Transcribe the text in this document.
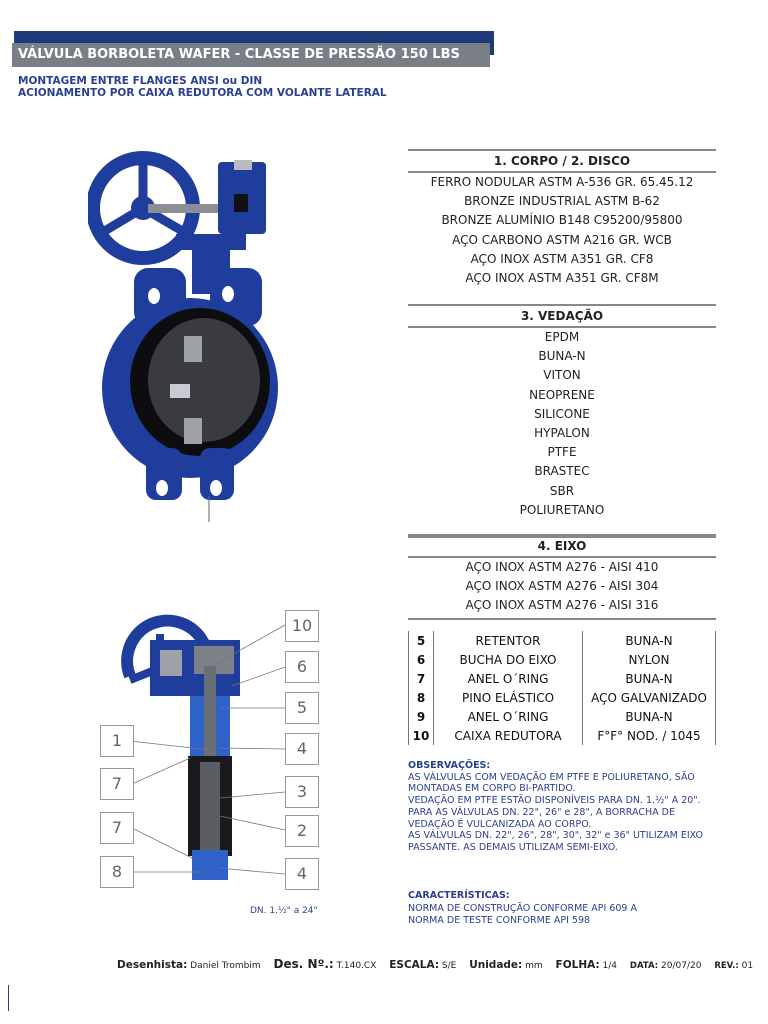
VÁLVULA BORBOLETA WAFER - CLASSE DE PRESSÃO 150 LBS
MONTAGEM ENTRE FLANGES ANSI ou DIN
ACIONAMENTO POR CAIXA REDUTORA COM VOLANTE LATERAL
1. CORPO / 2. DISCO
FERRO NODULAR ASTM A-536 GR. 65.45.12
BRONZE INDUSTRIAL ASTM B-62
BRONZE ALUMÍNIO B148 C95200/95800
AÇO CARBONO ASTM A216 GR. WCB
AÇO INOX ASTM A351 GR. CF8
AÇO INOX ASTM A351 GR. CF8M
3. VEDAÇÃO
EPDM
BUNA-N
VITON
NEOPRENE
SILICONE
HYPALON
PTFE
BRASTEC
SBR
POLIURETANO
4. EIXO
AÇO INOX ASTM A276 - AISI 410
AÇO INOX ASTM A276 - AISI 304
AÇO INOX ASTM A276 - AISI 316
5	RETENTOR	BUNA-N
6	BUCHA DO EIXO	NYLON
7	ANEL O´RING	BUNA-N
8	PINO ELÁSTICO	AÇO GALVANIZADO
9	ANEL O´RING	BUNA-N
10	CAIXA REDUTORA	F°F° NOD. / 1045
10
6
5
1	4
7	3
7	2
8	4
DN. 1.½" a 24"
OBSERVAÇÕES:
AS VÁLVULAS COM VEDAÇÃO EM PTFE E POLIURETANO, SÃO MONTADAS EM CORPO BI-PARTIDO.
VEDAÇÃO EM PTFE ESTÃO DISPONÍVEIS PARA DN. 1.½" A 20".
PARA AS VÁLVULAS DN. 22", 26" e 28", A BORRACHA DE VEDAÇÃO É VULCANIZADA AO CORPO.
AS VÁLVULAS DN. 22", 26", 28", 30", 32" e 36" UTILIZAM EIXO PASSANTE. AS DEMAIS UTILIZAM SEMI-EIXO.
CARACTERÍSTICAS:
NORMA DE CONSTRUÇÃO CONFORME API 609 A
NORMA DE TESTE CONFORME API 598
Desenhista: Daniel Trombim Des. Nº.: T.140.CX ESCALA: S/E Unidade: mm FOLHA: 1/4 DATA: 20/07/20 REV.: 01
